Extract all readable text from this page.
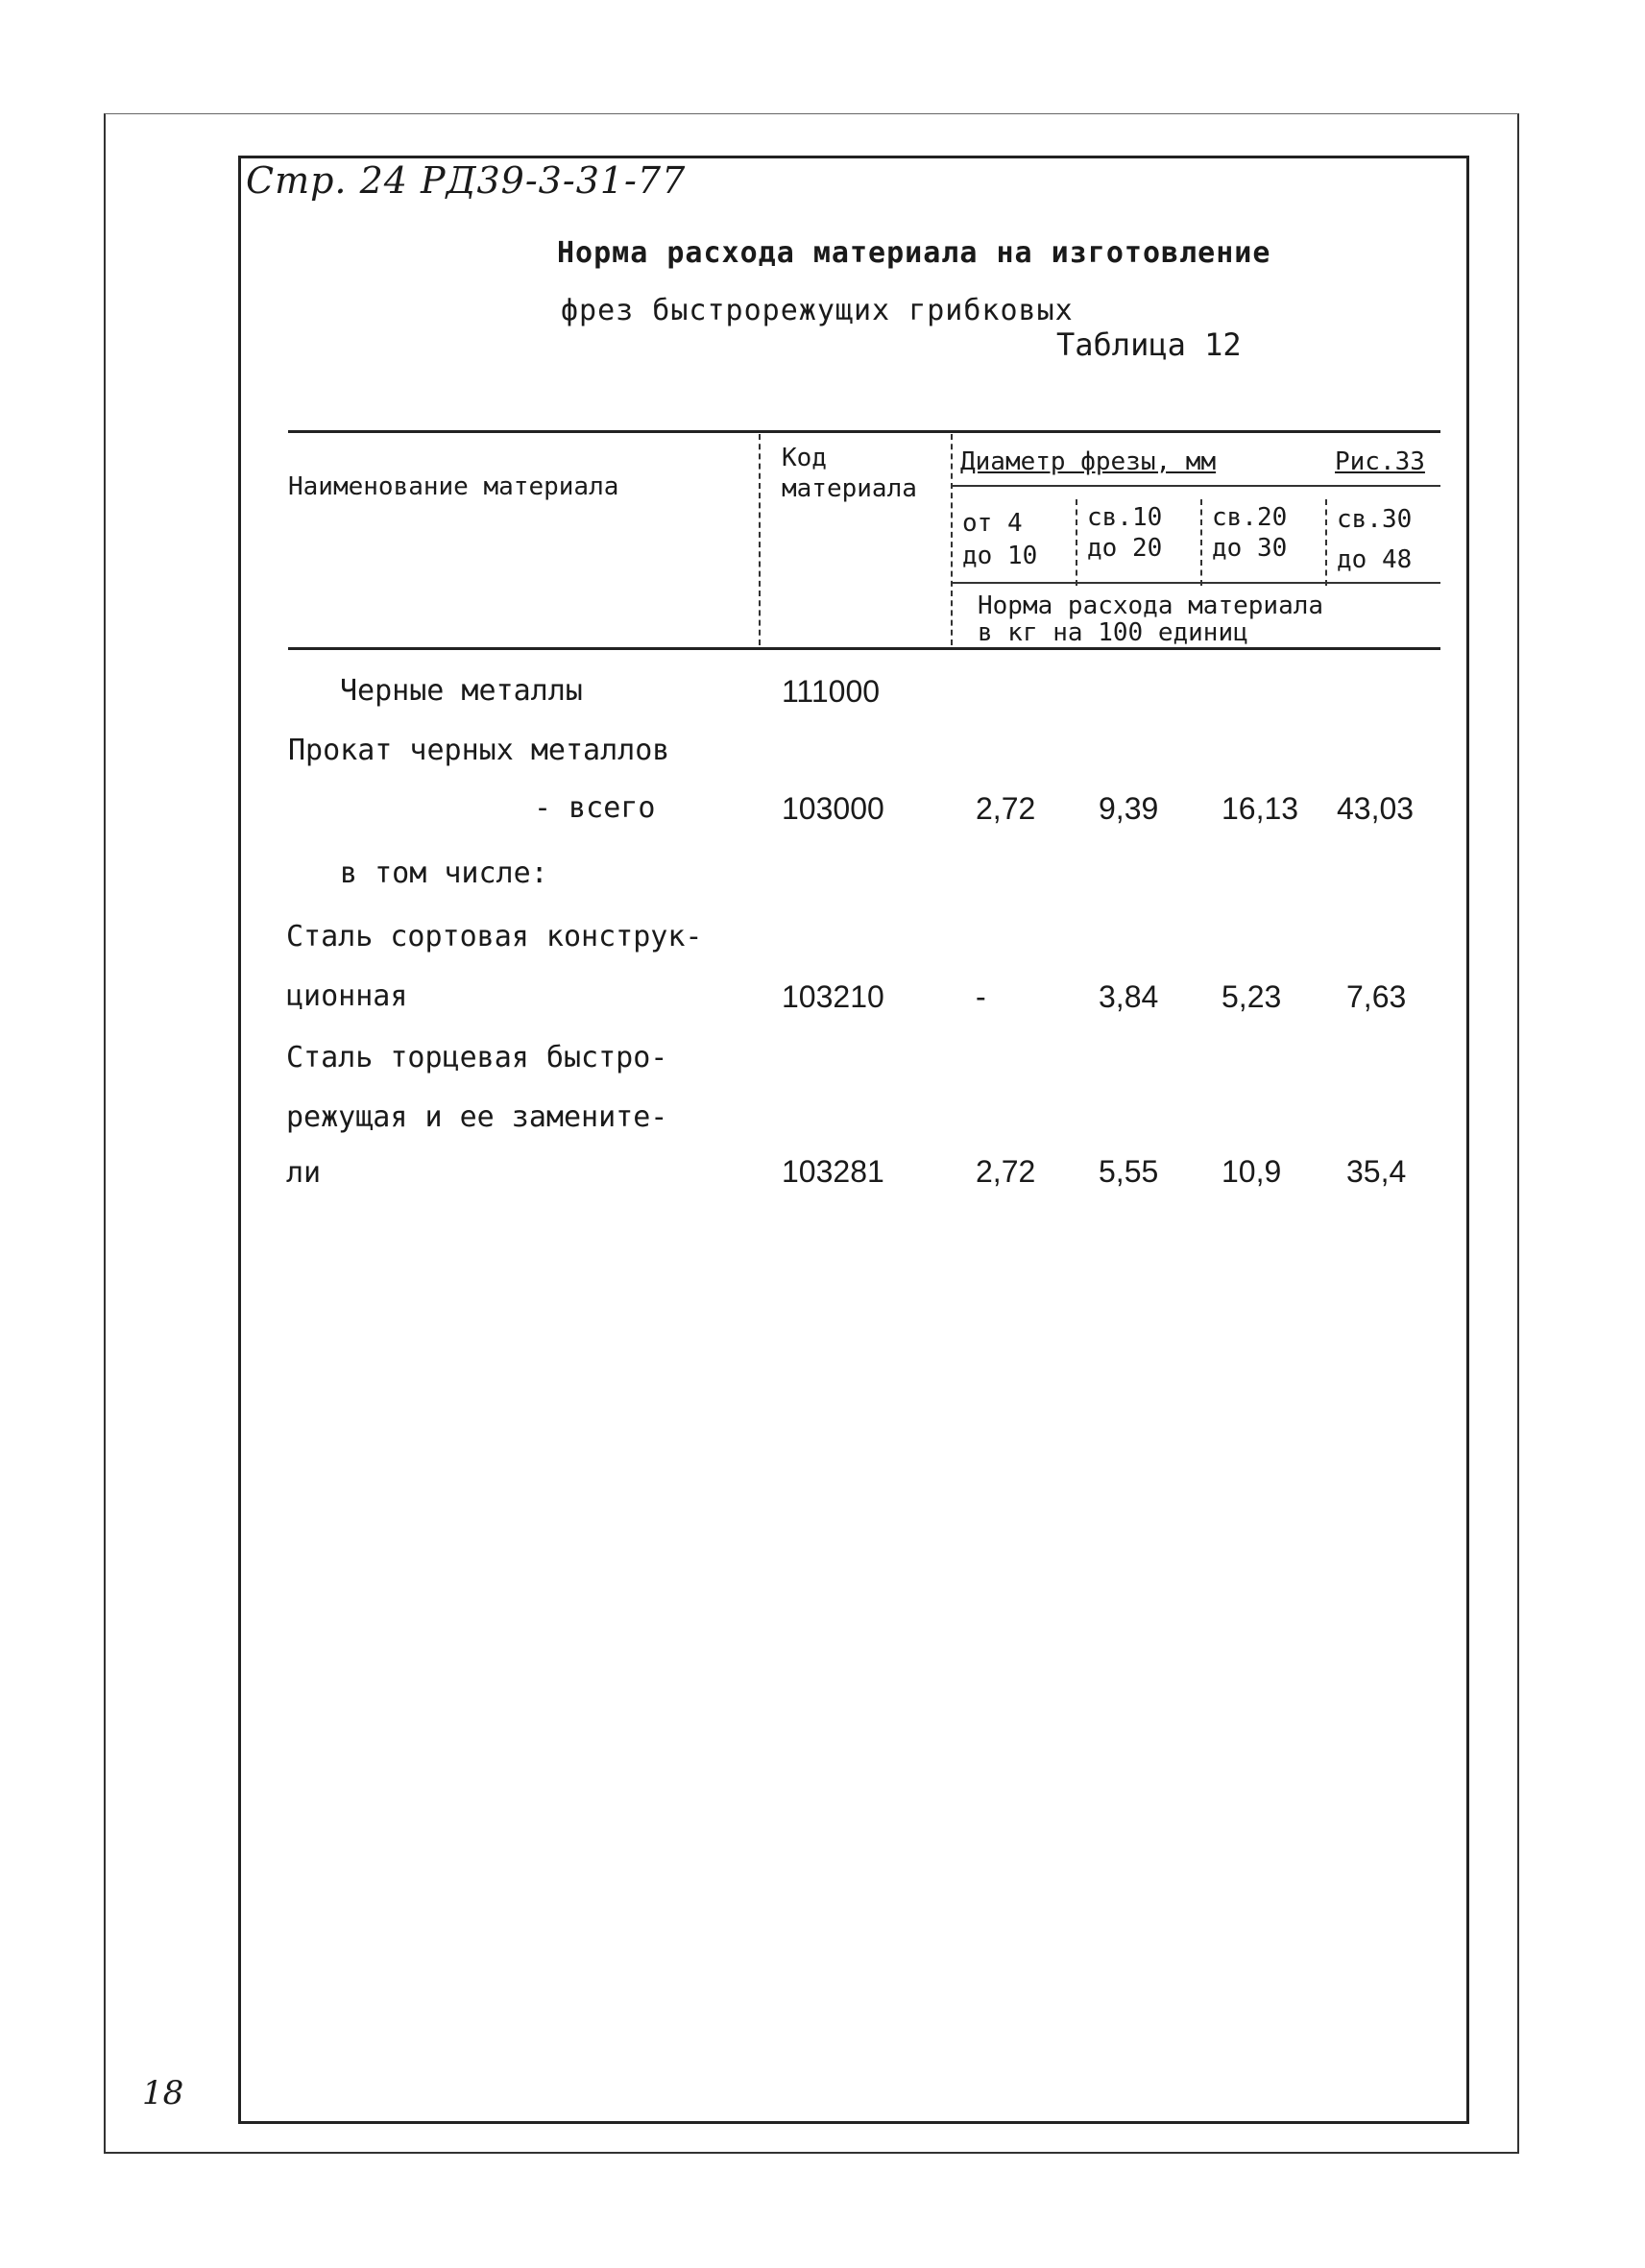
Стр. 24 РД39-3-31-77
18
Норма расхода материала на изготовление
фрез быстрорежущих грибковых
Таблица 12
Наименование материала
Код
материала
Диаметр фрезы, мм	Рис.33
от 4
до 10
св.10
до 20
св.20
до 30
св.30
до 48
Норма расхода материала
в кг на 100 единиц
Черные металлы	111000
Прокат черных металлов
- всего	103000	2,72 9,39 16,13 43,03
в том числе:
Сталь сортовая конструк-
ционная	103210	-	3,84 5,23 7,63
Сталь торцевая быстро-
режущая и ее замените-
ли	103281	2,72 5,55 10,9 35,4
